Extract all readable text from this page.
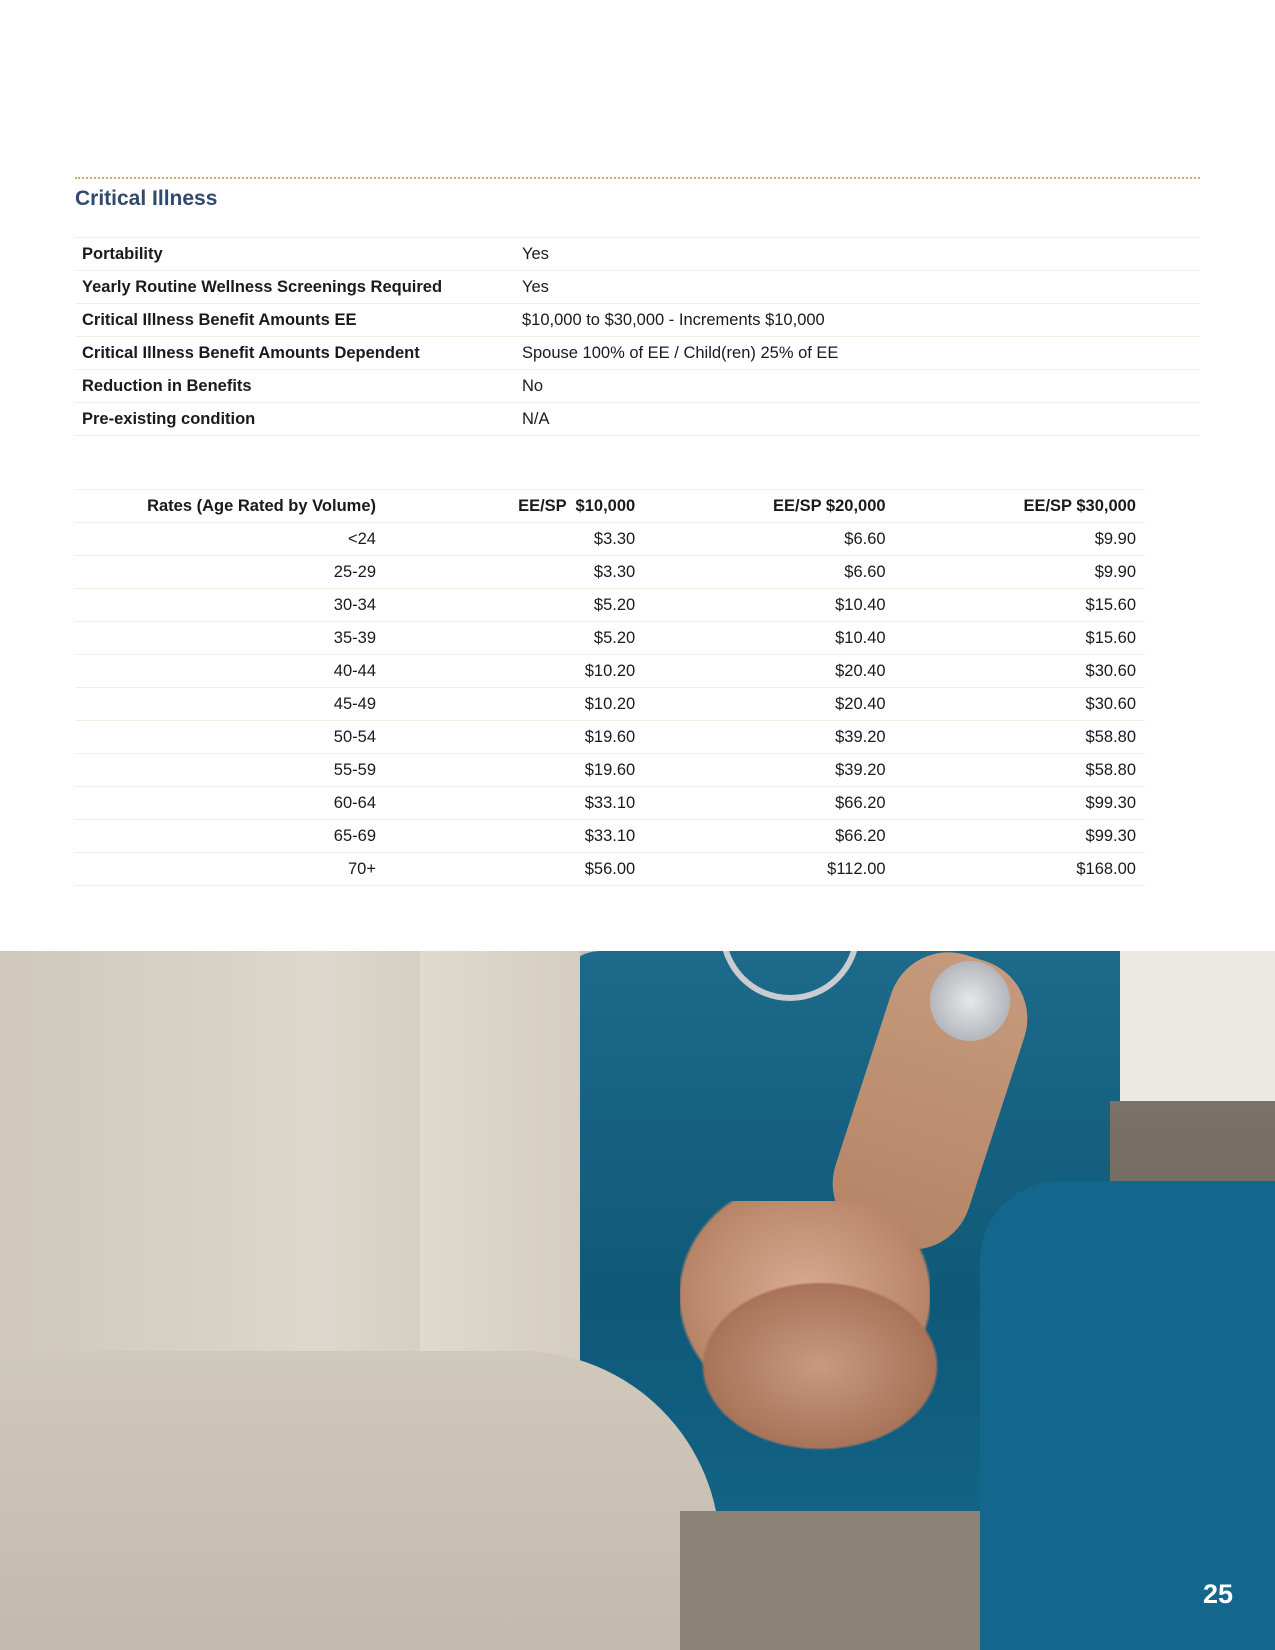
Critical Illness
Portability	Yes
Yearly Routine Wellness Screenings Required	Yes
Critical Illness Benefit Amounts EE	$10,000 to $30,000 - Increments $10,000
Critical Illness Benefit Amounts Dependent	Spouse 100% of EE / Child(ren) 25% of EE
Reduction in Benefits	No
Pre-existing condition	N/A
Rates (Age Rated by Volume)	EE/SP  $10,000	EE/SP $20,000	EE/SP $30,000
<24	$3.30	$6.60	$9.90
25-29	$3.30	$6.60	$9.90
30-34	$5.20	$10.40	$15.60
35-39	$5.20	$10.40	$15.60
40-44	$10.20	$20.40	$30.60
45-49	$10.20	$20.40	$30.60
50-54	$19.60	$39.20	$58.80
55-59	$19.60	$39.20	$58.80
60-64	$33.10	$66.20	$99.30
65-69	$33.10	$66.20	$99.30
70+	$56.00	$112.00	$168.00
25
